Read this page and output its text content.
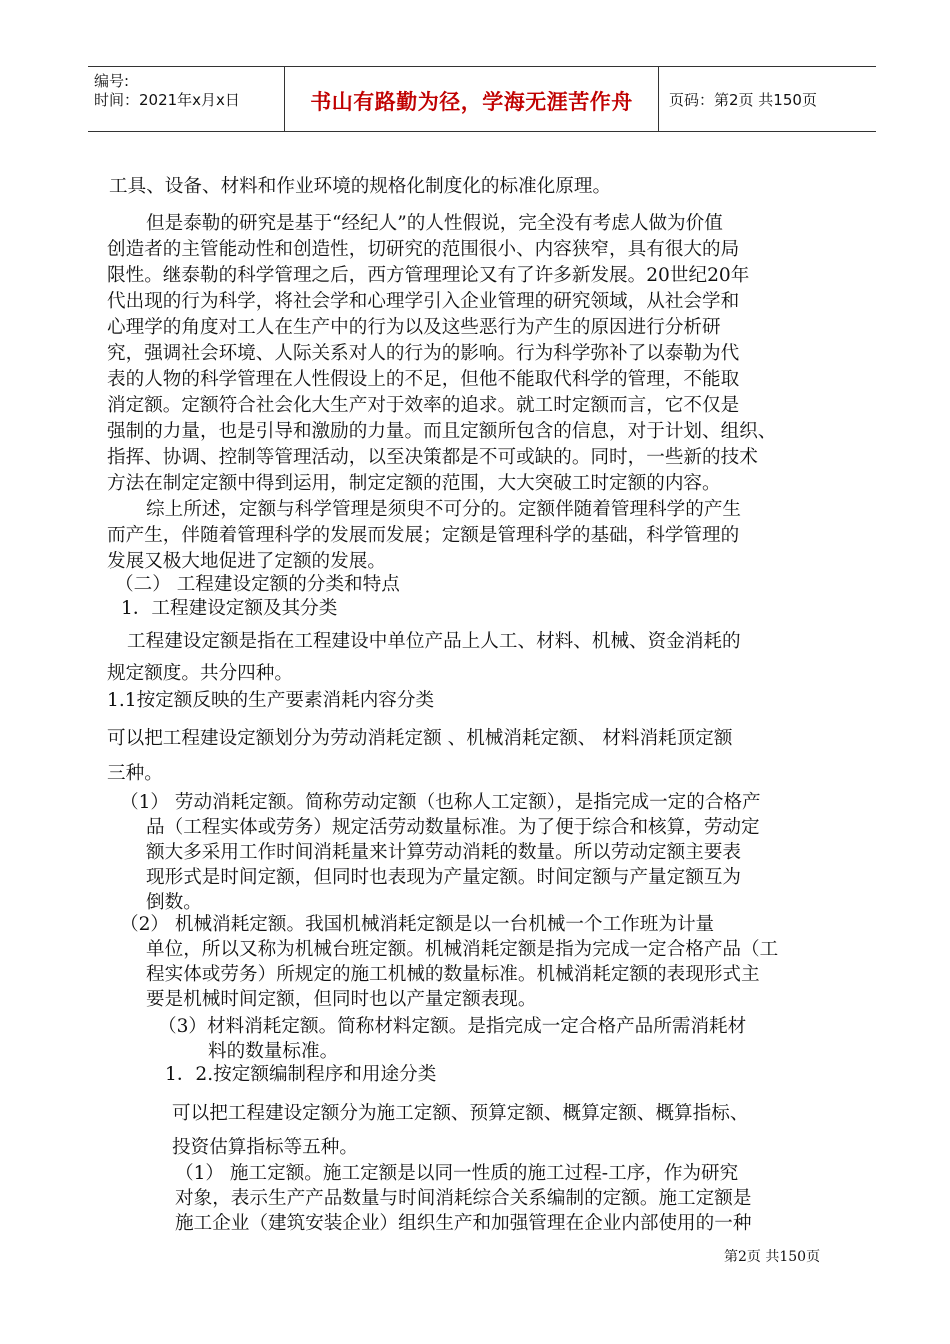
编号:
时间：2021年x月x日	书山有路勤为径，学海无涯苦作舟	页码：第2页 共150页
工具、设备、材料和作业环境的规格化制度化的标准化原理。
但是泰勒的研究是基于“经纪人”的人性假说，完全没有考虑人做为价值
创造者的主管能动性和创造性，切研究的范围很小、内容狭窄，具有很大的局
限性。继泰勒的科学管理之后，西方管理理论又有了许多新发展。20世纪20年
代出现的行为科学，将社会学和心理学引入企业管理的研究领域，从社会学和
心理学的角度对工人在生产中的行为以及这些恶行为产生的原因进行分析研
究，强调社会环境、人际关系对人的行为的影响。行为科学弥补了以泰勒为代
表的人物的科学管理在人性假设上的不足，但他不能取代科学的管理，不能取
消定额。定额符合社会化大生产对于效率的追求。就工时定额而言，它不仅是
强制的力量，也是引导和激励的力量。而且定额所包含的信息，对于计划、组织、
指挥、协调、控制等管理活动，以至决策都是不可或缺的。同时，一些新的技术
方法在制定定额中得到运用，制定定额的范围，大大突破工时定额的内容。
综上所述，定额与科学管理是须臾不可分的。定额伴随着管理科学的产生
而产生，伴随着管理科学的发展而发展；定额是管理科学的基础，科学管理的
发展又极大地促进了定额的发展。
（二） 工程建设定额的分类和特点
1．工程建设定额及其分类
工程建设定额是指在工程建设中单位产品上人工、材料、机械、资金消耗的
规定额度。共分四种。
1.1按定额反映的生产要素消耗内容分类
可以把工程建设定额划分为劳动消耗定额 、机械消耗定额、 材料消耗顶定额
三种。
（1） 劳动消耗定额。简称劳动定额（也称人工定额），是指完成一定的合格产
品（工程实体或劳务）规定活劳动数量标准。为了便于综合和核算，劳动定
额大多采用工作时间消耗量来计算劳动消耗的数量。所以劳动定额主要表
现形式是时间定额，但同时也表现为产量定额。时间定额与产量定额互为
倒数。
（2） 机械消耗定额。我国机械消耗定额是以一台机械一个工作班为计量
单位，所以又称为机械台班定额。机械消耗定额是指为完成一定合格产品（工
程实体或劳务）所规定的施工机械的数量标准。机械消耗定额的表现形式主
要是机械时间定额，但同时也以产量定额表现。
（3）材料消耗定额。简称材料定额。是指完成一定合格产品所需消耗材
料的数量标准。
1．2.按定额编制程序和用途分类
可以把工程建设定额分为施工定额、预算定额、概算定额、概算指标、
投资估算指标等五种。
（1） 施工定额。施工定额是以同一性质的施工过程-工序，作为研究
对象，表示生产产品数量与时间消耗综合关系编制的定额。施工定额是
施工企业（建筑安装企业）组织生产和加强管理在企业内部使用的一种
第2页 共150页
